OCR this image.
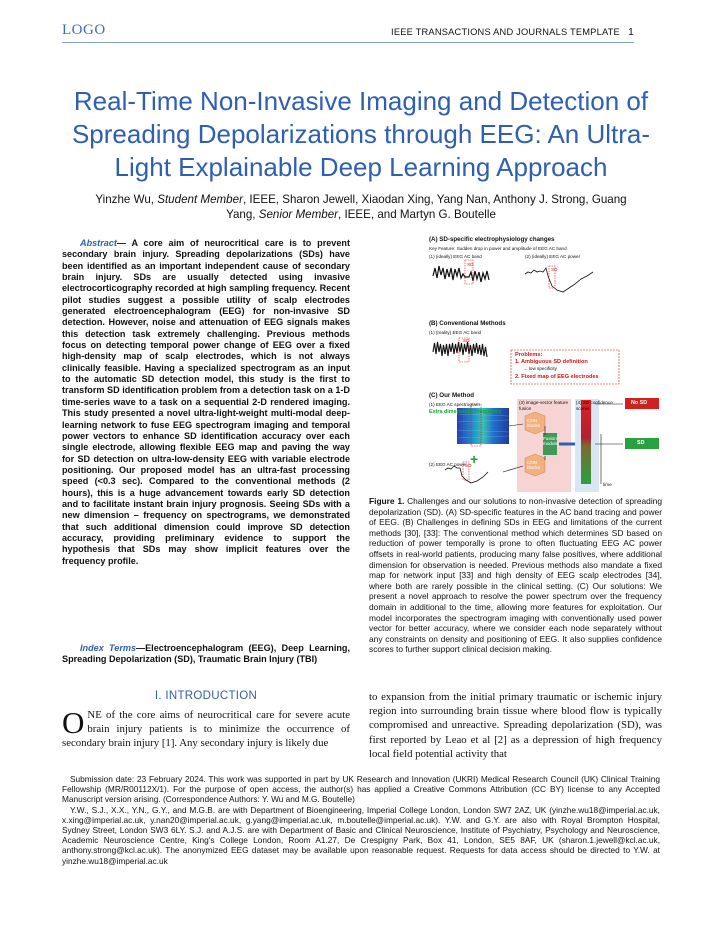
LOGO	IEEE TRANSACTIONS AND JOURNALS TEMPLATE 1
Real-Time Non-Invasive Imaging and Detection of Spreading Depolarizations through EEG: An Ultra-Light Explainable Deep Learning Approach
Yinzhe Wu, Student Member, IEEE, Sharon Jewell, Xiaodan Xing, Yang Nan, Anthony J. Strong, Guang
Yang, Senior Member, IEEE, and Martyn G. Boutelle
Abstract— A core aim of neurocritical care is to prevent secondary brain injury. Spreading depolarizations (SDs) have been identified as an important independent cause of secondary brain injury. SDs are usually detected using invasive electrocorticography recorded at high sampling frequency. Recent pilot studies suggest a possible utility of scalp electrodes generated electroencephalogram (EEG) for non-invasive SD detection. However, noise and attenuation of EEG signals makes this detection task extremely challenging. Previous methods focus on detecting temporal power change of EEG over a fixed high-density map of scalp electrodes, which is not always clinically feasible. Having a specialized spectrogram as an input to the automatic SD detection model, this study is the first to transform SD identification problem from a detection task on a 1-D time-series wave to a task on a sequential 2-D rendered imaging. This study presented a novel ultra-light-weight multi-modal deep-learning network to fuse EEG spectrogram imaging and temporal power vectors to enhance SD identification accuracy over each single electrode, allowing flexible EEG map and paving the way for SD detection on ultra-low-density EEG with variable electrode positioning. Our proposed model has an ultra-fast processing speed (<0.3 sec). Compared to the conventional methods (2 hours), this is a huge advancement towards early SD detection and to facilitate instant brain injury prognosis. Seeing SDs with a new dimension – frequency on spectrograms, we demonstrated that such additional dimension could improve SD detection accuracy, providing preliminary evidence to support the hypothesis that SDs may show implicit features over the frequency profile.
Index Terms—Electroencephalogram (EEG), Deep Learning, Spreading Depolarization (SD), Traumatic Brain Injury (TBI)
I. INTRODUCTION
ONE of the core aims of neurocritical care for severe acute brain injury patients is to minimize the occurrence of secondary brain injury [1]. Any secondary injury is likely due
to expansion from the initial primary traumatic or ischemic injury region into surrounding brain tissue where blood flow is typically compromised and unreactive. Spreading depolarization (SD), was first reported by Leao et al [2] as a depression of high frequency local field potential activity that

Submission date: 23 February 2024. This work was supported in part by UK Research and Innovation (UKRI) Medical Research Council (UK) Clinical Training Fellowship (MR/R00112X/1). For the purpose of open access, the author(s) has applied a Creative Commons Attribution (CC BY) license to any Accepted Manuscript version arising. (Correspondence Authors: Y. Wu and M.G. Boutelle)

Y.W., S.J., X.X., Y.N., G.Y., and M.G.B. are with Department of Bioengineering, Imperial College London, London SW7 2AZ, UK (yinzhe.wu18@imperial.ac.uk, x.xing@imperial.ac.uk, y.nan20@imperial.ac.uk, g.yang@imperial.ac.uk, m.boutelle@imperial.ac.uk). Y.W. and G.Y. are also with Royal Brompton Hospital, Sydney Street, London SW3 6LY. S.J. and A.J.S. are with Department of Basic and Clinical Neuroscience, Institute of Psychiatry, Psychology and Neuroscience, Academic Neuroscience Centre, King's College London, Room A1.27, De Crespigny Park, Box 41, London, SE5 8AF, UK (sharon.1.jewell@kcl.ac.uk, anthony.strong@kcl.ac.uk). The anonymized EEG dataset may be available upon reasonable request. Requests for data access should be directed to Y.W. at yinzhe.wu18@imperial.ac.uk

+
(A) SD-specific electrophysiology changes
Key Feature: Sudden drop in power and amplitude of EEG AC band
(1) (ideally) EEG AC band	(2) (ideally) EEG AC power
SD
SD
(B) Conventional Methods
(1) (reality) EEG AC band
SD
Problems:
1. Ambiguous SD definition
→ low specificity
2. Fixed map of EEG electrodes
(C) Our Method
(1) EEG AC spectrogram
Extra dimension: Frequency
(2) EEG AC power
SD
(3) image-vector feature fusion
(4) SD confidence scores
CNN blocks
CNN blocks
Fusion module
No SD
SD
time
Figure 1. Challenges and our solutions to non-invasive detection of spreading depolarization (SD). (A) SD-specific features in the AC band tracing and power of EEG. (B) Challenges in defining SDs in EEG and limitations of the current methods [30], [33]: The conventional method which determines SD based on reduction of power temporally is prone to often fluctuating EEG AC power offsets in real-world patients, producing many false positives, where additional dimension for observation is needed. Previous methods also mandate a fixed map for network input [33] and high density of EEG scalp electrodes [34], where both are rarely possible in the clinical setting. (C) Our solutions: We present a novel approach to resolve the power spectrum over the frequency domain in additional to the time, allowing more features for exploitation. Our model incorporates the spectrogram imaging with conventionally used power vector for better accuracy, where we consider each node separately without any constraints on density and positioning of EEG. It also supplies confidence scores to further support clinical decision making.
